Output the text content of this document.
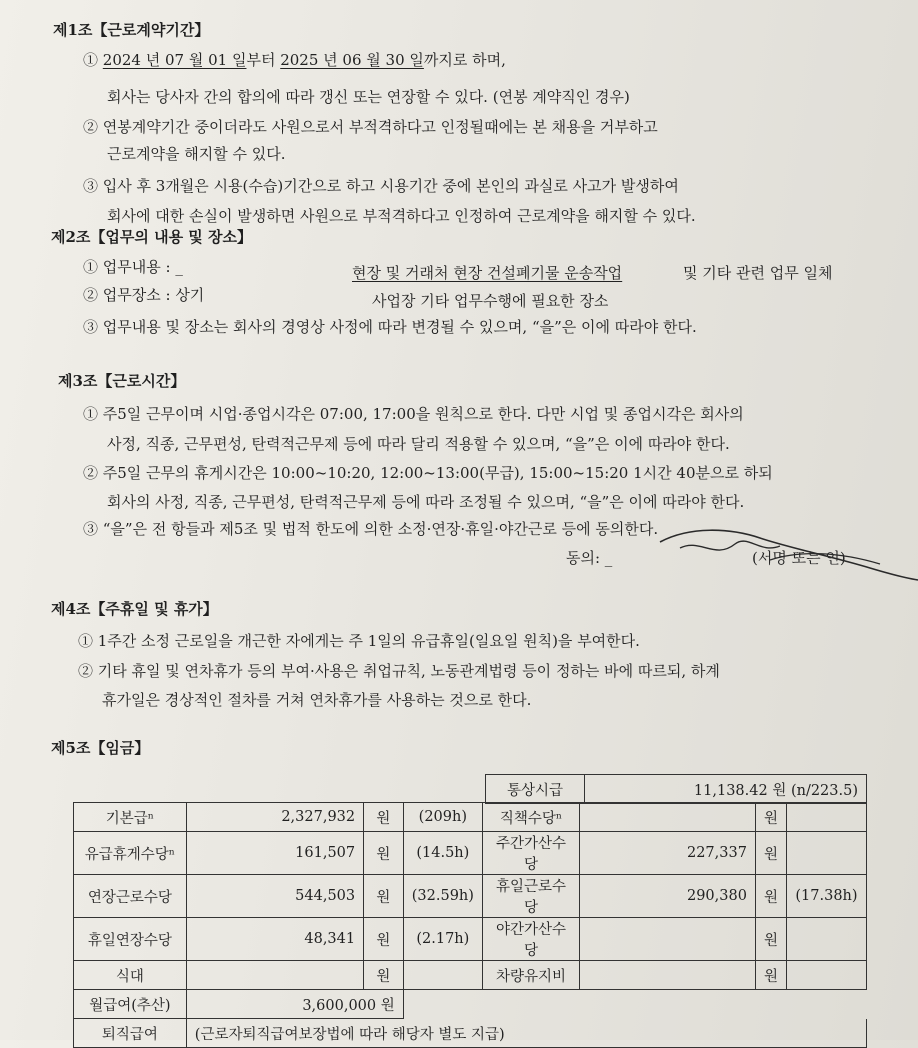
제1조【근로계약기간】
① 2024 년 07 월 01 일부터 2025 년 06 월 30 일까지로 하며,
회사는 당사자 간의 합의에 따라 갱신 또는 연장할 수 있다. (연봉 계약직인 경우)
② 연봉계약기간 중이더라도 사원으로서 부적격하다고 인정될때에는 본 채용을 거부하고
근로계약을 해지할 수 있다.
③ 입사 후 3개월은 시용(수습)기간으로 하고 시용기간 중에 본인의 과실로 사고가 발생하여
회사에 대한 손실이 발생하면 사원으로 부적격하다고 인정하여 근로계약을 해지할 수 있다.
제2조【업무의 내용 및 장소】
① 업무내용 : _	현장 및 거래처 현장 건설폐기물 운송작업	및 기타 관련 업무 일체
② 업무장소 : 상기	사업장 기타 업무수행에 필요한 장소
③ 업무내용 및 장소는 회사의 경영상 사정에 따라 변경될 수 있으며, “을”은 이에 따라야 한다.
제3조【근로시간】
① 주5일 근무이며 시업·종업시각은 07:00, 17:00을 원칙으로 한다. 다만 시업 및 종업시각은 회사의
사정, 직종, 근무편성, 탄력적근무제 등에 따라 달리 적용할 수 있으며, “을”은 이에 따라야 한다.
② 주5일 근무의 휴게시간은 10:00~10:20, 12:00~13:00(무급), 15:00~15:20 1시간 40분으로 하되
회사의 사정, 직종, 근무편성, 탄력적근무제 등에 따라 조정될 수 있으며, “을”은 이에 따라야 한다.
③ “을”은 전 항들과 제5조 및 법적 한도에 의한 소정·연장·휴일·야간근로 등에 동의한다.
동의: _	(서명 또는 인)
제4조【주휴일 및 휴가】
① 1주간 소정 근로일을 개근한 자에게는 주 1일의 유급휴일(일요일 원칙)을 부여한다.
② 기타 휴일 및 연차휴가 등의 부여·사용은 취업규칙, 노동관계법령 등이 정하는 바에 따르되, 하계
휴가일은 경상적인 절차를 거쳐 연차휴가를 사용하는 것으로 한다.
제5조【임금】
통상시급	11,138.42 원 (n/223.5)
기본급ⁿ	2,327,932	원	(209h)	직책수당ⁿ		원	
유급휴게수당ⁿ	161,507	원	(14.5h)	주간가산수당	227,337	원	
연장근로수당	544,503	원	(32.59h)	휴일근로수당	290,380	원	(17.38h)
휴일연장수당	48,341	원	(2.17h)	야간가산수당		원	
식대		원		차량유지비		원	
월급여(추산)	3,600,000 원						
퇴직급여	(근로자퇴직급여보장법에 따라 해당자 별도 지급)						
